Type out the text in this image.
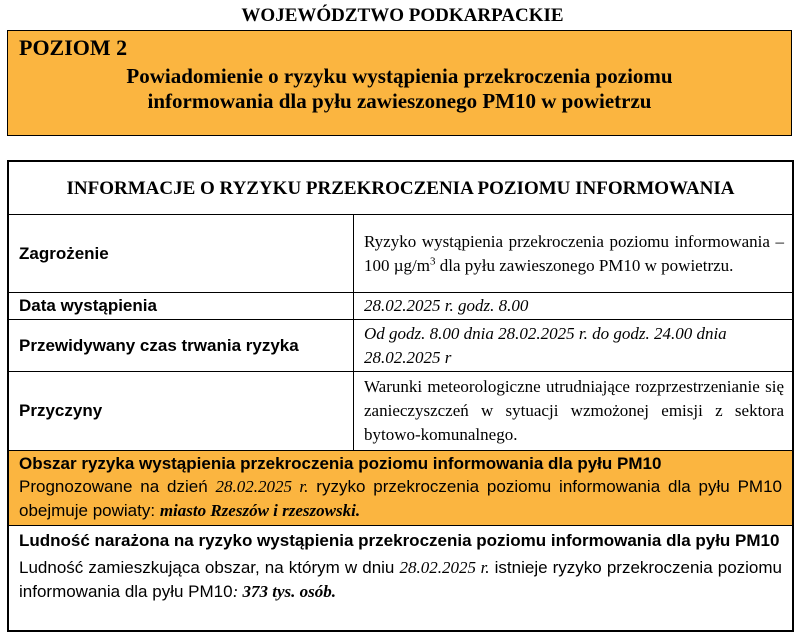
WOJEWÓDZTWO PODKARPACKIE
POZIOM 2
Powiadomienie o ryzyku wystąpienia przekroczenia poziomu
informowania dla pyłu zawieszonego PM10 w powietrzu
INFORMACJE O RYZYKU PRZEKROCZENIA POZIOMU INFORMOWANIA
Zagrożenie
Ryzyko wystąpienia przekroczenia poziomu informowania – 100 $\mu g/m^3$ dla pyłu zawieszonego PM10 w powietrzu.
Data wystąpienia	28.02.2025 r. godz. 8.00
Przewidywany czas trwania ryzyka
Od godz. 8.00 dnia 28.02.2025 r. do godz. 24.00 dnia 28.02.2025 r
Przyczyny
Warunki meteorologiczne utrudniające rozprzestrzenianie się zanieczyszczeń w sytuacji wzmożonej emisji z sektora bytowo-komunalnego.
Obszar ryzyka wystąpienia przekroczenia poziomu informowania dla pyłu PM10
Prognozowane na dzień 28.02.2025 r. ryzyko przekroczenia poziomu informowania dla pyłu PM10 obejmuje powiaty: miasto Rzeszów i rzeszowski.
Ludność narażona na ryzyko wystąpienia przekroczenia poziomu informowania dla pyłu PM10
Ludność zamieszkująca obszar, na którym w dniu 28.02.2025 r. istnieje ryzyko przekroczenia poziomu informowania dla pyłu PM10: 373 tys. osób.
